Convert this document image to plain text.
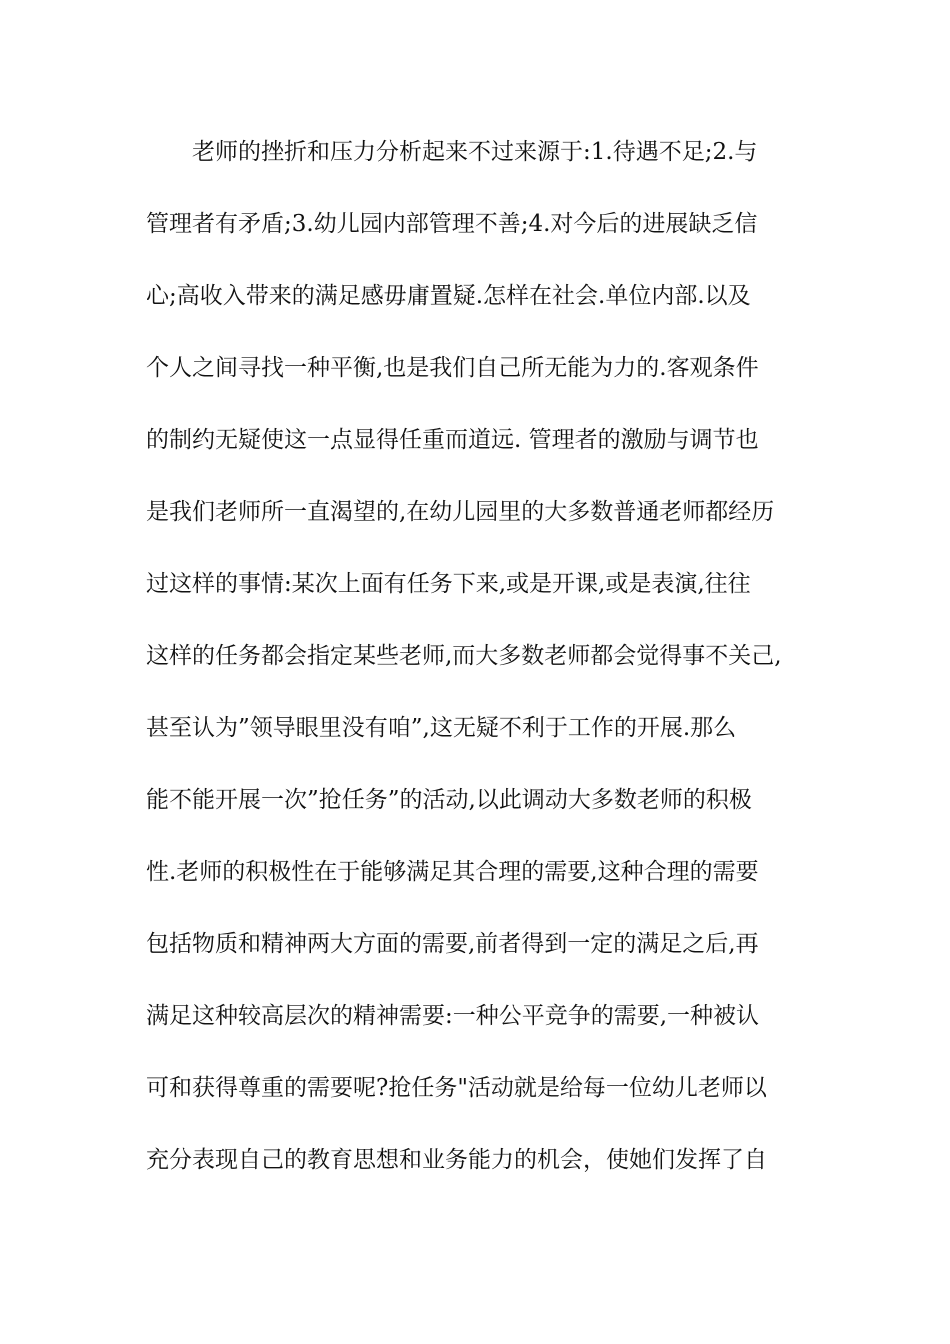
老师的挫折和压力分析起来不过来源于:1.待遇不足;2.与
管理者有矛盾;3.幼儿园内部管理不善;4.对今后的进展缺乏信
心;高收入带来的满足感毋庸置疑.怎样在社会.单位内部.以及
个人之间寻找一种平衡,也是我们自己所无能为力的.客观条件
的制约无疑使这一点显得任重而道远. 管理者的激励与调节也
是我们老师所一直渴望的,在幼儿园里的大多数普通老师都经历
过这样的事情:某次上面有任务下来,或是开课,或是表演,往往
这样的任务都会指定某些老师,而大多数老师都会觉得事不关己,
甚至认为”领导眼里没有咱”,这无疑不利于工作的开展.那么
能不能开展一次”抢任务”的活动,以此调动大多数老师的积极
性.老师的积极性在于能够满足其合理的需要,这种合理的需要
包括物质和精神两大方面的需要,前者得到一定的满足之后,再
满足这种较高层次的精神需要:一种公平竞争的需要,一种被认
可和获得尊重的需要呢?抢任务"活动就是给每一位幼儿老师以
充分表现自己的教育思想和业务能力的机会，使她们发挥了自
